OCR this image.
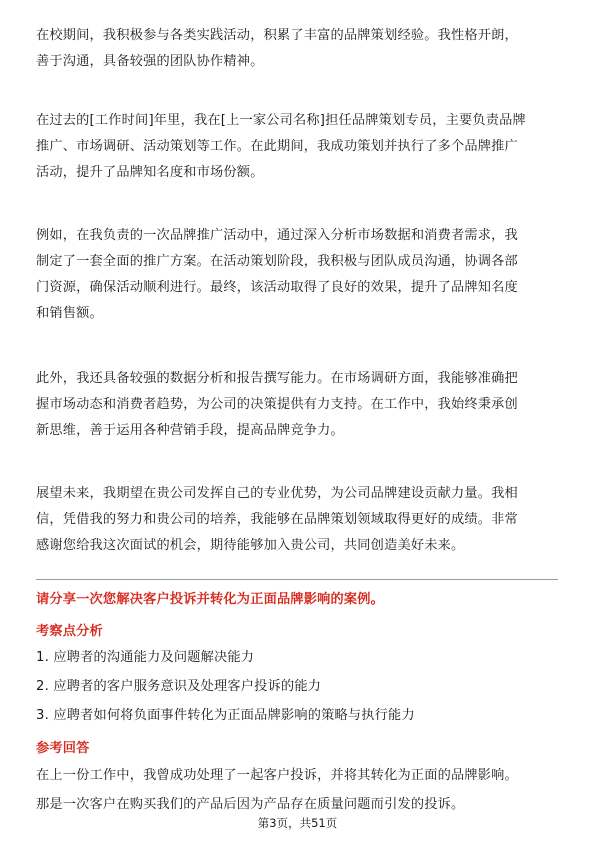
在校期间，我积极参与各类实践活动，积累了丰富的品牌策划经验。我性格开朗，
善于沟通，具备较强的团队协作精神。
在过去的[工作时间]年里，我在[上一家公司名称]担任品牌策划专员，主要负责品牌
推广、市场调研、活动策划等工作。在此期间，我成功策划并执行了多个品牌推广
活动，提升了品牌知名度和市场份额。
例如，在我负责的一次品牌推广活动中，通过深入分析市场数据和消费者需求，我
制定了一套全面的推广方案。在活动策划阶段，我积极与团队成员沟通，协调各部
门资源，确保活动顺利进行。最终，该活动取得了良好的效果，提升了品牌知名度
和销售额。
此外，我还具备较强的数据分析和报告撰写能力。在市场调研方面，我能够准确把
握市场动态和消费者趋势，为公司的决策提供有力支持。在工作中，我始终秉承创
新思维，善于运用各种营销手段，提高品牌竞争力。
展望未来，我期望在贵公司发挥自己的专业优势，为公司品牌建设贡献力量。我相
信，凭借我的努力和贵公司的培养，我能够在品牌策划领域取得更好的成绩。非常
感谢您给我这次面试的机会，期待能够加入贵公司，共同创造美好未来。
请分享一次您解决客户投诉并转化为正面品牌影响的案例。
考察点分析
1. 应聘者的沟通能力及问题解决能力
2. 应聘者的客户服务意识及处理客户投诉的能力
3. 应聘者如何将负面事件转化为正面品牌影响的策略与执行能力
参考回答
在上一份工作中，我曾成功处理了一起客户投诉，并将其转化为正面的品牌影响。
那是一次客户在购买我们的产品后因为产品存在质量问题而引发的投诉。
第3页，共51页
